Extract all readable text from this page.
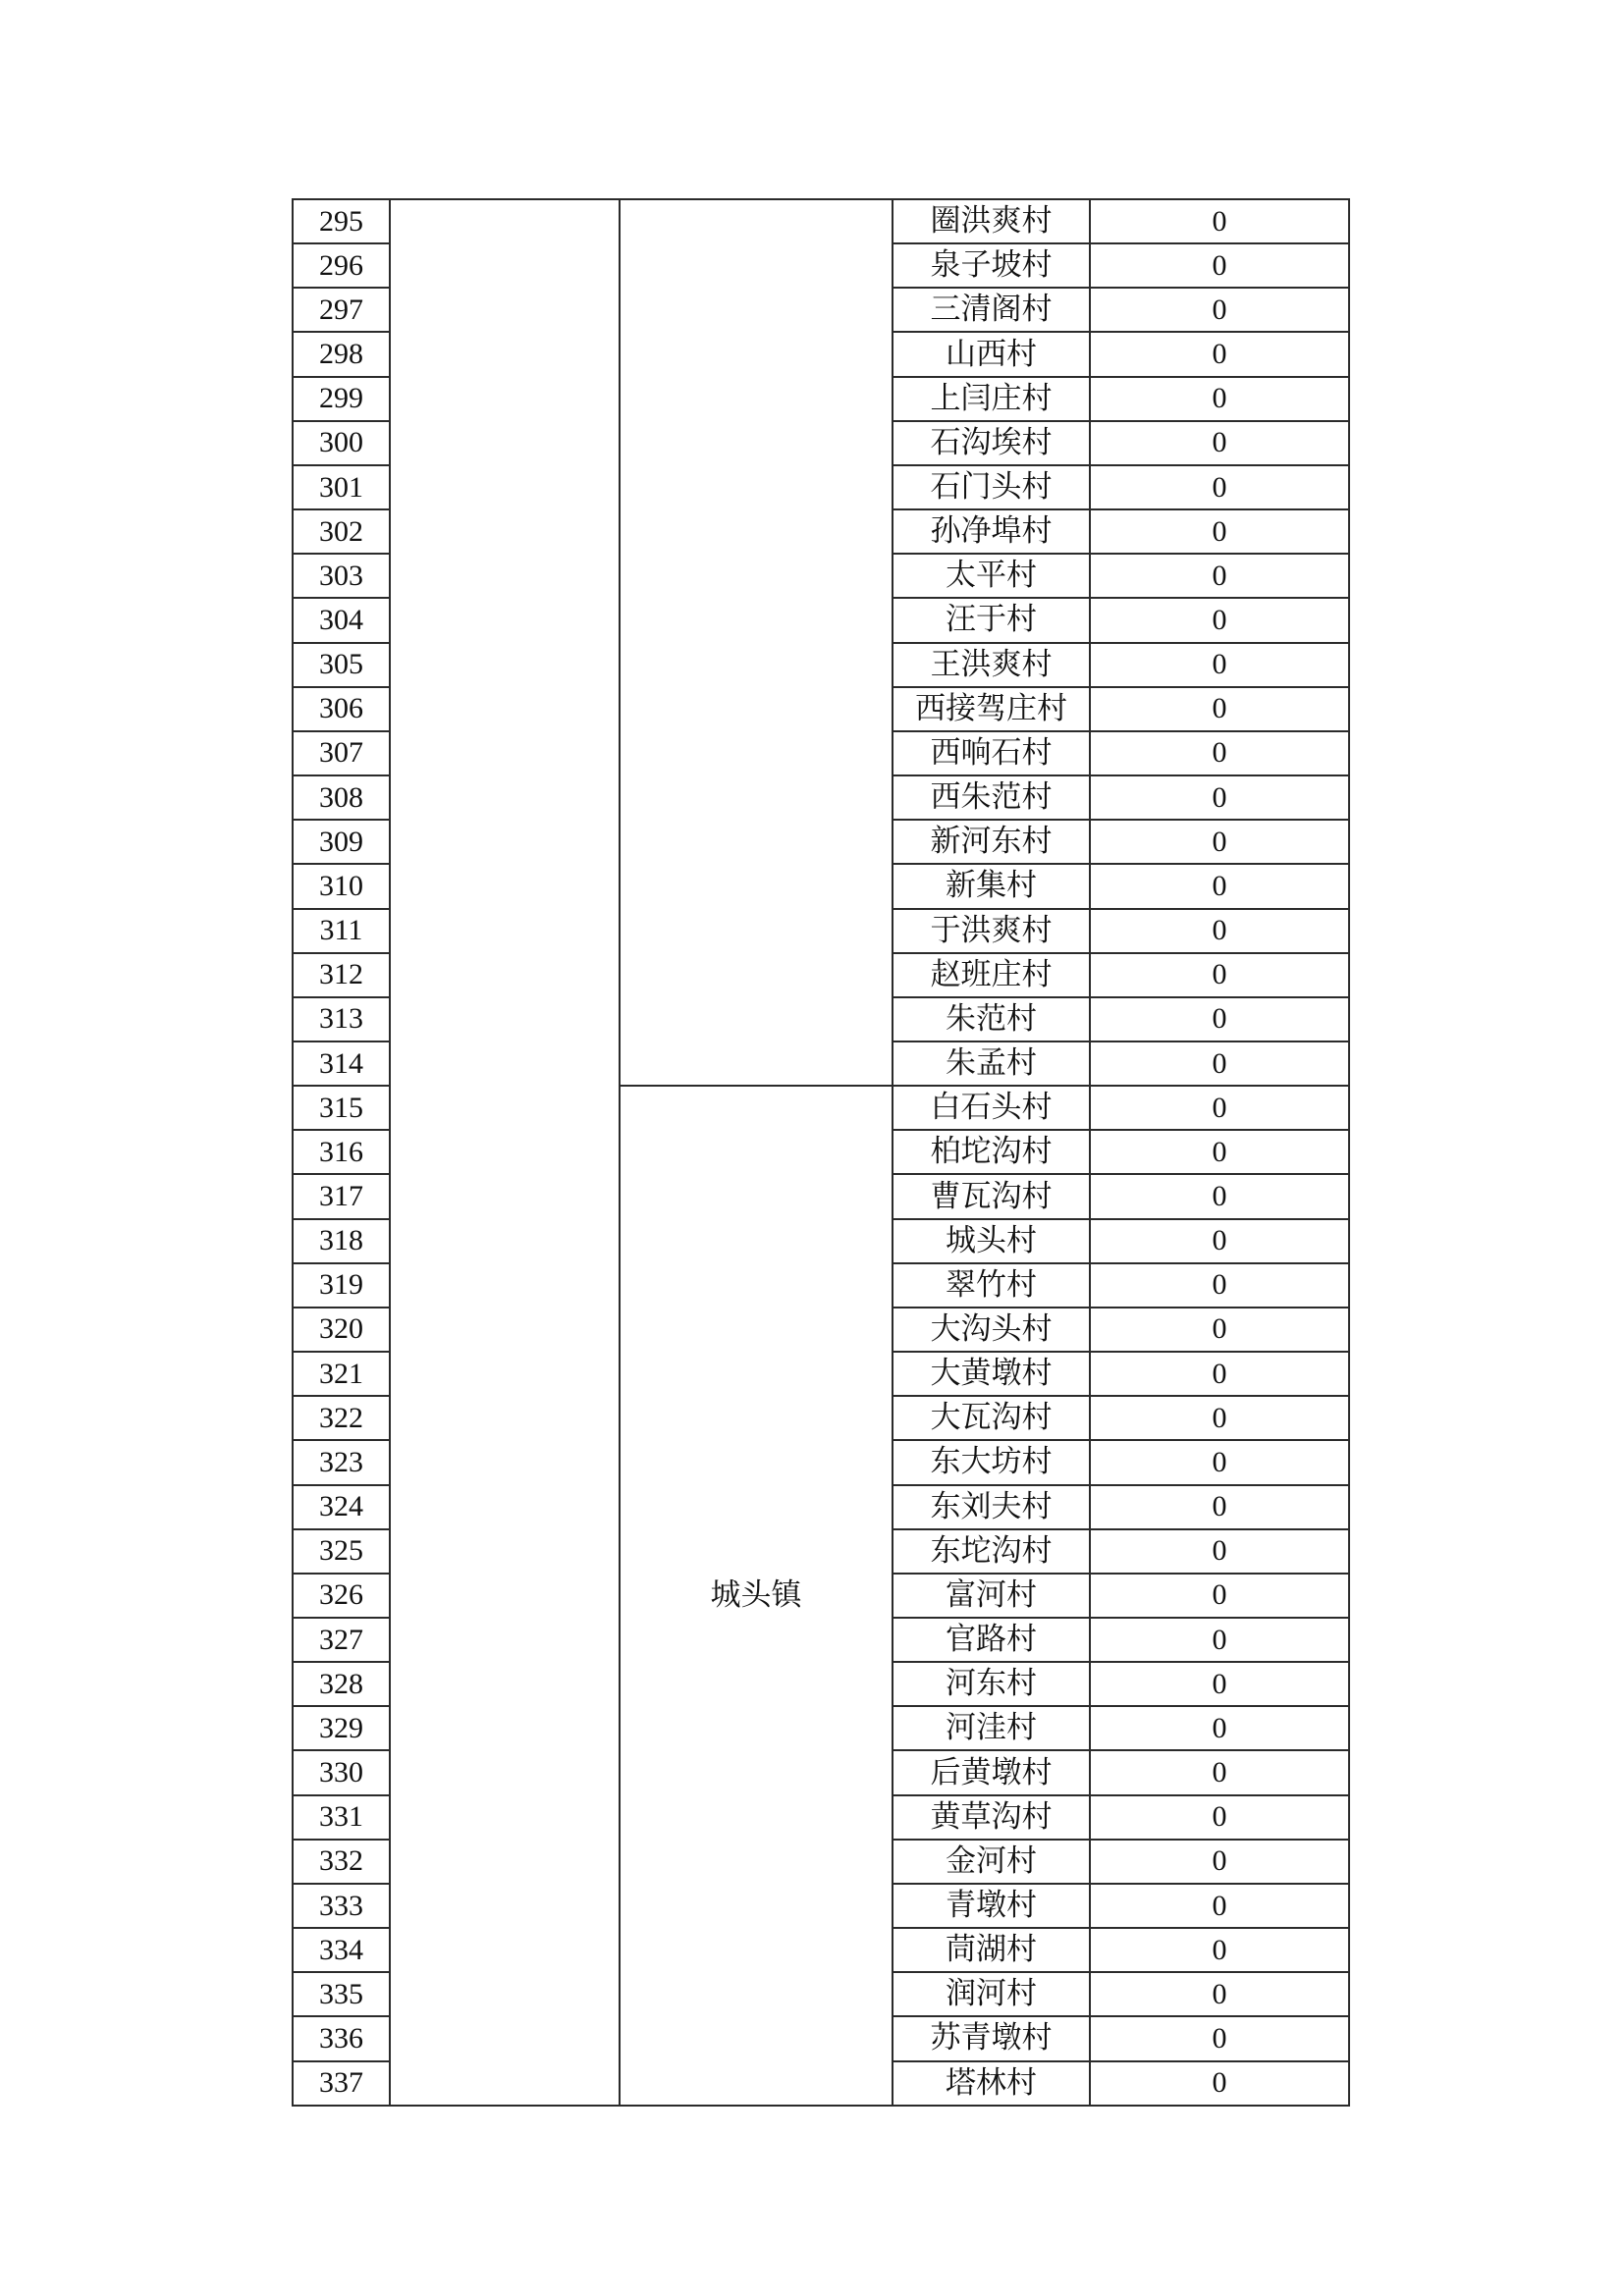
295			圈洪爽村	0
296			泉子坡村	0
297			三清阁村	0
298			山西村	0
299			上闫庄村	0
300			石沟埃村	0
301			石门头村	0
302			孙净埠村	0
303			太平村	0
304			汪于村	0
305			王洪爽村	0
306			西接驾庄村	0
307			西响石村	0
308			西朱范村	0
309			新河东村	0
310			新集村	0
311			于洪爽村	0
312			赵班庄村	0
313			朱范村	0
314			朱孟村	0
315		城头镇	白石头村	0
316			柏坨沟村	0
317			曹瓦沟村	0
318			城头村	0
319			翠竹村	0
320			大沟头村	0
321			大黄墩村	0
322			大瓦沟村	0
323			东大坊村	0
324			东刘夫村	0
325			东坨沟村	0
326			富河村	0
327			官路村	0
328			河东村	0
329			河洼村	0
330			后黄墩村	0
331			黄草沟村	0
332			金河村	0
333			青墩村	0
334			茼湖村	0
335			润河村	0
336			苏青墩村	0
337			塔林村	0
